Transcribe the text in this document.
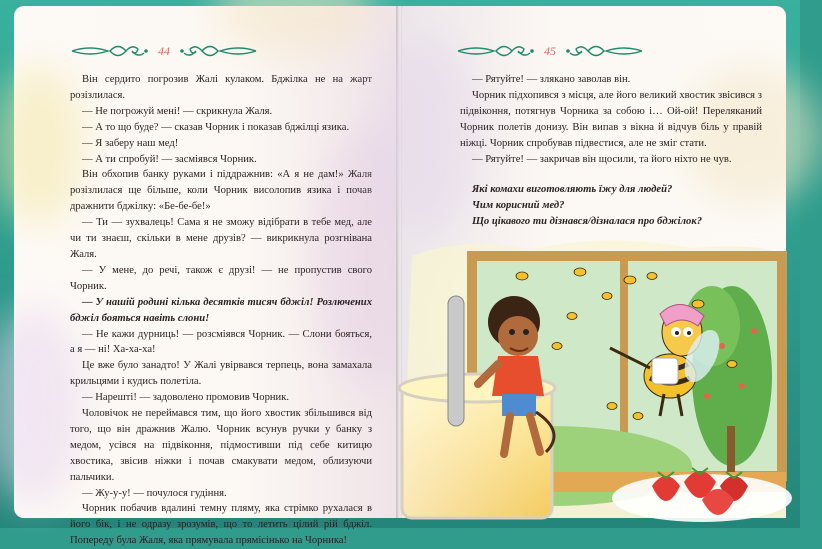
44

Він сердито погрозив Жалі кулаком. Бджілка не на жарт розізлилася.

— Не погрожуй мені! — скрикнула Жаля.

— А то що буде? — сказав Чорник і показав бджілці язика.

— Я заберу наш мед!

— А ти спробуй! — засміявся Чорник.

Він обхопив банку руками і піддражнив: «А я не дам!» Жаля розізлилася ще більше, коли Чорник висолопив язика і почав дражнити бджілку: «Бе-бе-бе!»

— Ти — зухвалець! Сама я не зможу відібрати в тебе мед, але чи ти знаєш, скільки в мене друзів? — викрикнула розгнівана Жаля.

— У мене, до речі, також є друзі! — не пропустив свого Чорник.

— У нашій родині кілька десятків тисяч бджіл! Розлючених бджіл бояться навіть слони!

— Не кажи дурниць! — розсміявся Чорник. — Слони бояться, а я — ні! Ха-ха-ха!

Це вже було занадто! У Жалі увірвався терпець, вона замахала крильцями і кудись полетіла.

— Нарешті! — задоволено промовив Чорник.

Чоловічок не переймався тим, що його хвостик збільшився від того, що він дражнив Жалю. Чорник всунув ручки у банку з медом, усівся на підвіконня, підмостивши під себе китицю хвостика, звісив ніжки і почав смакувати медом, облизуючи пальчики.

— Жу-у-у! — почулося гудіння.

Чорник побачив вдалині темну пляму, яка стрімко рухалася в його бік, і не одразу зрозумів, що то летить цілий рій бджіл. Попереду була Жаля, яка прямувала прямісінько на Чорника!

45

— Рятуйте! — злякано заволав він.

Чорник підхопився з місця, але його великий хвостик звісився з підвіконня, потягнув Чорника за собою і… Ой-ой! Переляканий Чорник полетів донизу. Він випав з вікна й відчув біль у правій ніжці. Чорник спробував підвестися, але не зміг стати.

— Рятуйте! — закричав він щосили, та його ніхто не чув.

Які комахи виготовляють їжу для людей?

Чим корисний мед?

Що цікавого ти дізнався/дізналася про бджілок?
